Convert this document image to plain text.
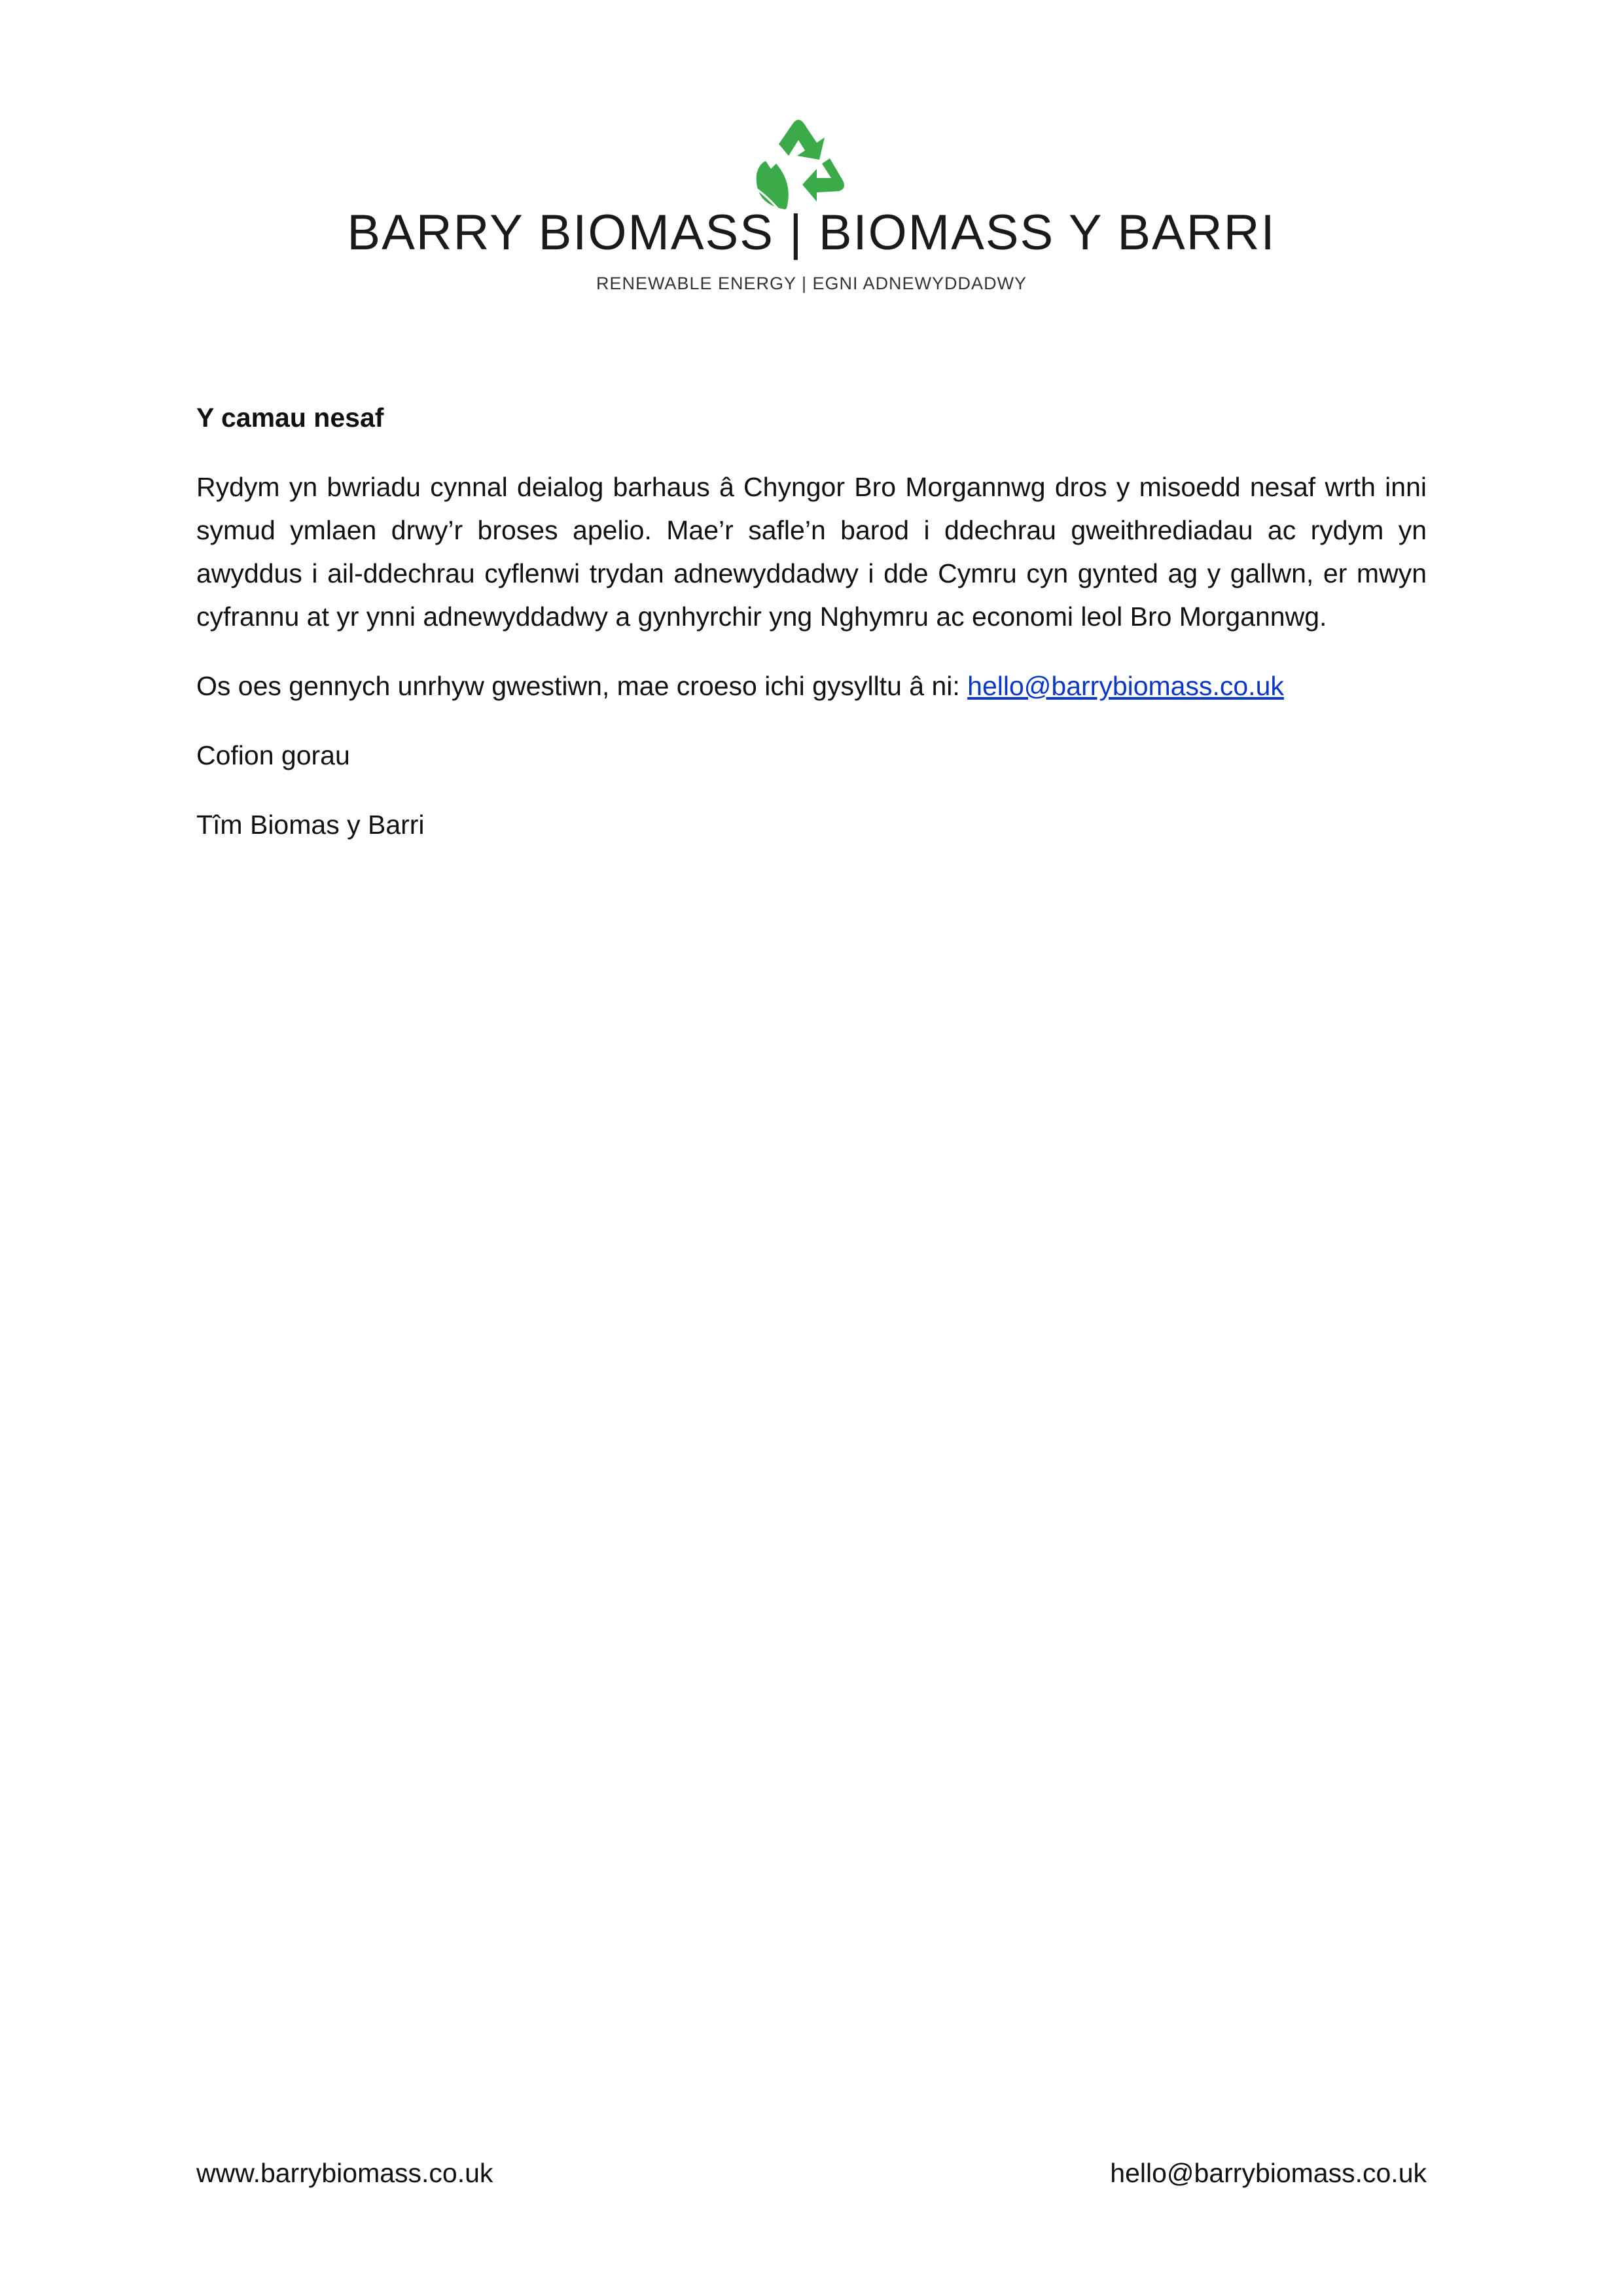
BARRY BIOMASS | BIOMASS Y BARRI
RENEWABLE ENERGY | EGNI ADNEWYDDADWY
Y camau nesaf

Rydym yn bwriadu cynnal deialog barhaus â Chyngor Bro Morgannwg dros y misoedd nesaf wrth inni symud ymlaen drwy’r broses apelio. Mae’r safle’n barod i ddechrau gweithrediadau ac rydym yn awyddus i ail-ddechrau cyflenwi trydan adnewyddadwy i dde Cymru cyn gynted ag y gallwn, er mwyn cyfrannu at yr ynni adnewyddadwy a gynhyrchir yng Nghymru ac economi leol Bro Morgannwg.

Os oes gennych unrhyw gwestiwn, mae croeso ichi gysylltu â ni: hello@barrybiomass.co.uk

Cofion gorau

Tîm Biomas y Barri

www.barrybiomass.co.uk	hello@barrybiomass.co.uk
